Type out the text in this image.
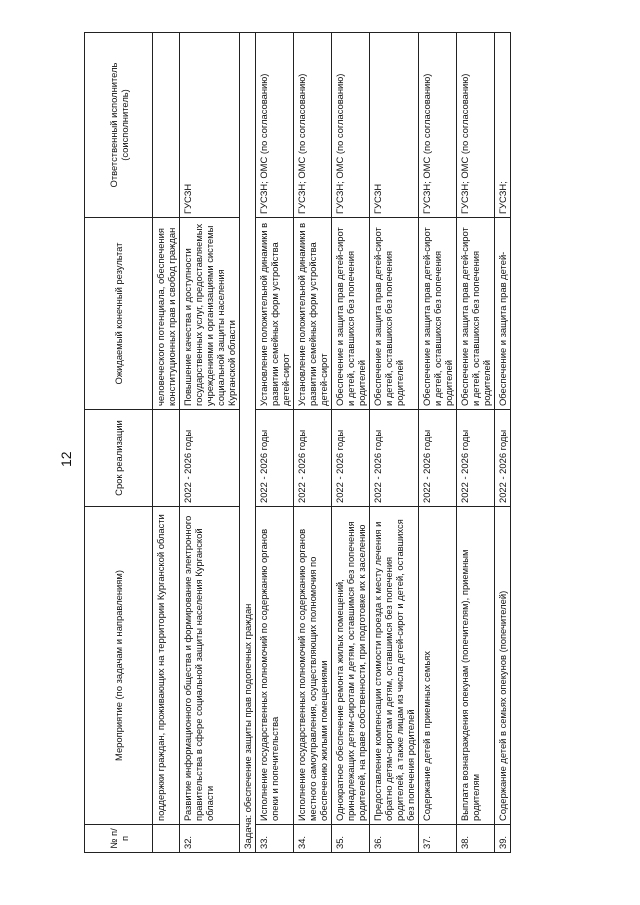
12
№ п/п	Мероприятие (по задачам и направлениям)	Срок реализации	Ожидаемый конечный результат	Ответственный исполнитель (соисполнитель)
	поддержки граждан, проживающих на территории Курганской области		человеческого потенциала, обеспечения конституционных прав и свобод граждан	
32.	Развитие информационного общества и формирование электронного правительства в сфере социальной защиты населения Курганской области	2022 - 2026 годы	Повышение качества и доступности государственных услуг, предоставляемых учреждениями и организациями системы социальной защиты населения Курганской области	ГУСЗН
Задача: обеспечение защиты прав подопечных граждан				
33.	Исполнение государственных полномочий по содержанию органов опеки и попечительства	2022 - 2026 годы	Установление положительной динамики в развитии семейных форм устройства детей-сирот	ГУСЗН; ОМС (по согласованию)
34.	Исполнение государственных полномочий по содержанию органов местного самоуправления, осуществляющих полномочия по обеспечению жилыми помещениями	2022 - 2026 годы	Установление положительной динамики в развитии семейных форм устройства детей-сирот	ГУСЗН; ОМС (по согласованию)
35.	Однократное обеспечение ремонта жилых помещений, принадлежащих детям-сиротам и детям, оставшимся без попечения родителей, на праве собственности, при подготовке их к заселению	2022 - 2026 годы	Обеспечение и защита прав детей-сирот и детей, оставшихся без попечения родителей	ГУСЗН; ОМС (по согласованию)
36.	Предоставление компенсации стоимости проезда к месту лечения и обратно детям-сиротам и детям, оставшимся без попечения родителей, а также лицам из числа детей-сирот и детей, оставшихся без попечения родителей	2022 - 2026 годы	Обеспечение и защита прав детей-сирот и детей, оставшихся без попечения родителей	ГУСЗН
37.	Содержание детей в приемных семьях	2022 - 2026 годы	Обеспечение и защита прав детей-сирот и детей, оставшихся без попечения родителей	ГУСЗН; ОМС (по согласованию)
38.	Выплата вознаграждения опекунам (попечителям), приемным родителям	2022 - 2026 годы	Обеспечение и защита прав детей-сирот и детей, оставшихся без попечения родителей	ГУСЗН; ОМС (по согласованию)
39.	Содержание детей в семьях опекунов (попечителей)	2022 - 2026 годы	Обеспечение и защита прав детей-	ГУСЗН;
